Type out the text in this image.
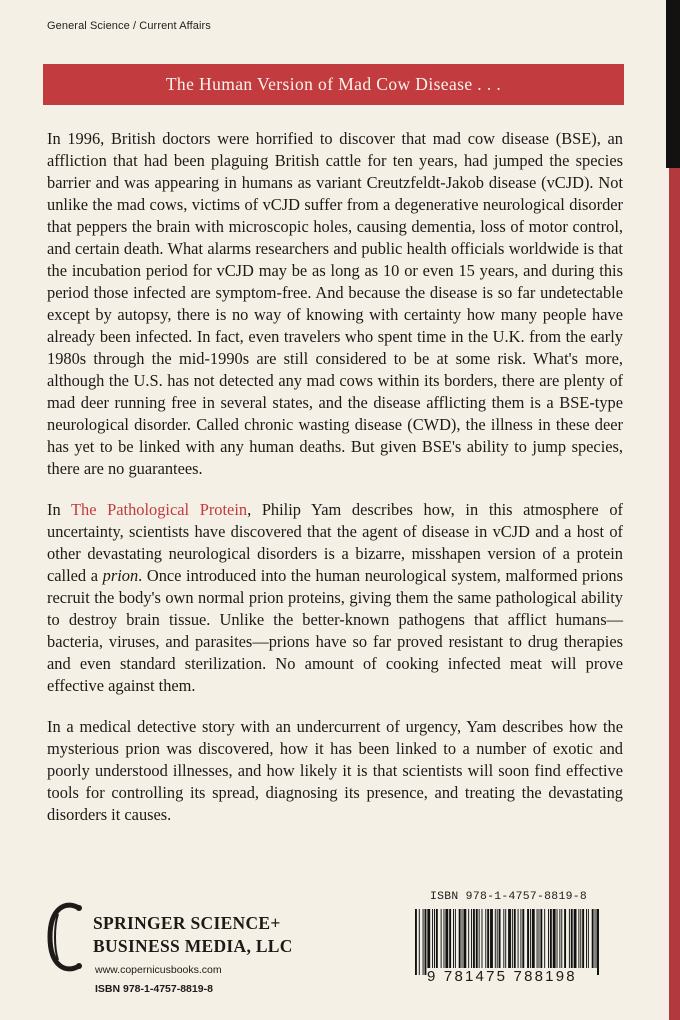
General Science / Current Affairs
The Human Version of Mad Cow Disease . . .

In 1996, British doctors were horrified to discover that mad cow disease (BSE), an affliction that had been plaguing British cattle for ten years, had jumped the species barrier and was appearing in humans as variant Creutzfeldt-Jakob disease (vCJD). Not unlike the mad cows, victims of vCJD suffer from a degenerative neurological disorder that peppers the brain with microscopic holes, causing dementia, loss of motor control, and certain death. What alarms researchers and public health officials worldwide is that the incubation period for vCJD may be as long as 10 or even 15 years, and during this period those infected are symptom-free. And because the disease is so far undetectable except by autopsy, there is no way of knowing with certainty how many people have already been infected. In fact, even travelers who spent time in the U.K. from the early 1980s through the mid-1990s are still considered to be at some risk. What's more, although the U.S. has not detected any mad cows within its borders, there are plenty of mad deer running free in several states, and the disease afflicting them is a BSE-type neurological disorder. Called chronic wasting disease (CWD), the illness in these deer has yet to be linked with any human deaths. But given BSE's ability to jump species, there are no guarantees.

In The Pathological Protein, Philip Yam describes how, in this atmosphere of uncertainty, scientists have discovered that the agent of disease in vCJD and a host of other devastating neurological disorders is a bizarre, misshapen version of a protein called a prion. Once introduced into the human neurological system, malformed prions recruit the body's own normal prion proteins, giving them the same pathological ability to destroy brain tissue. Unlike the better-known pathogens that afflict humans—bacteria, viruses, and parasites—prions have so far proved resistant to drug therapies and even standard sterilization. No amount of cooking infected meat will prove effective against them.

In a medical detective story with an undercurrent of urgency, Yam describes how the mysterious prion was discovered, how it has been linked to a number of exotic and poorly understood illnesses, and how likely it is that scientists will soon find effective tools for controlling its spread, diagnosing its presence, and treating the devastating disorders it causes.

SPRINGER SCIENCE+
BUSINESS MEDIA, LLC
www.copernicusbooks.com
ISBN 978-1-4757-8819-8
ISBN 978-1-4757-8819-8
9 781475 788198
